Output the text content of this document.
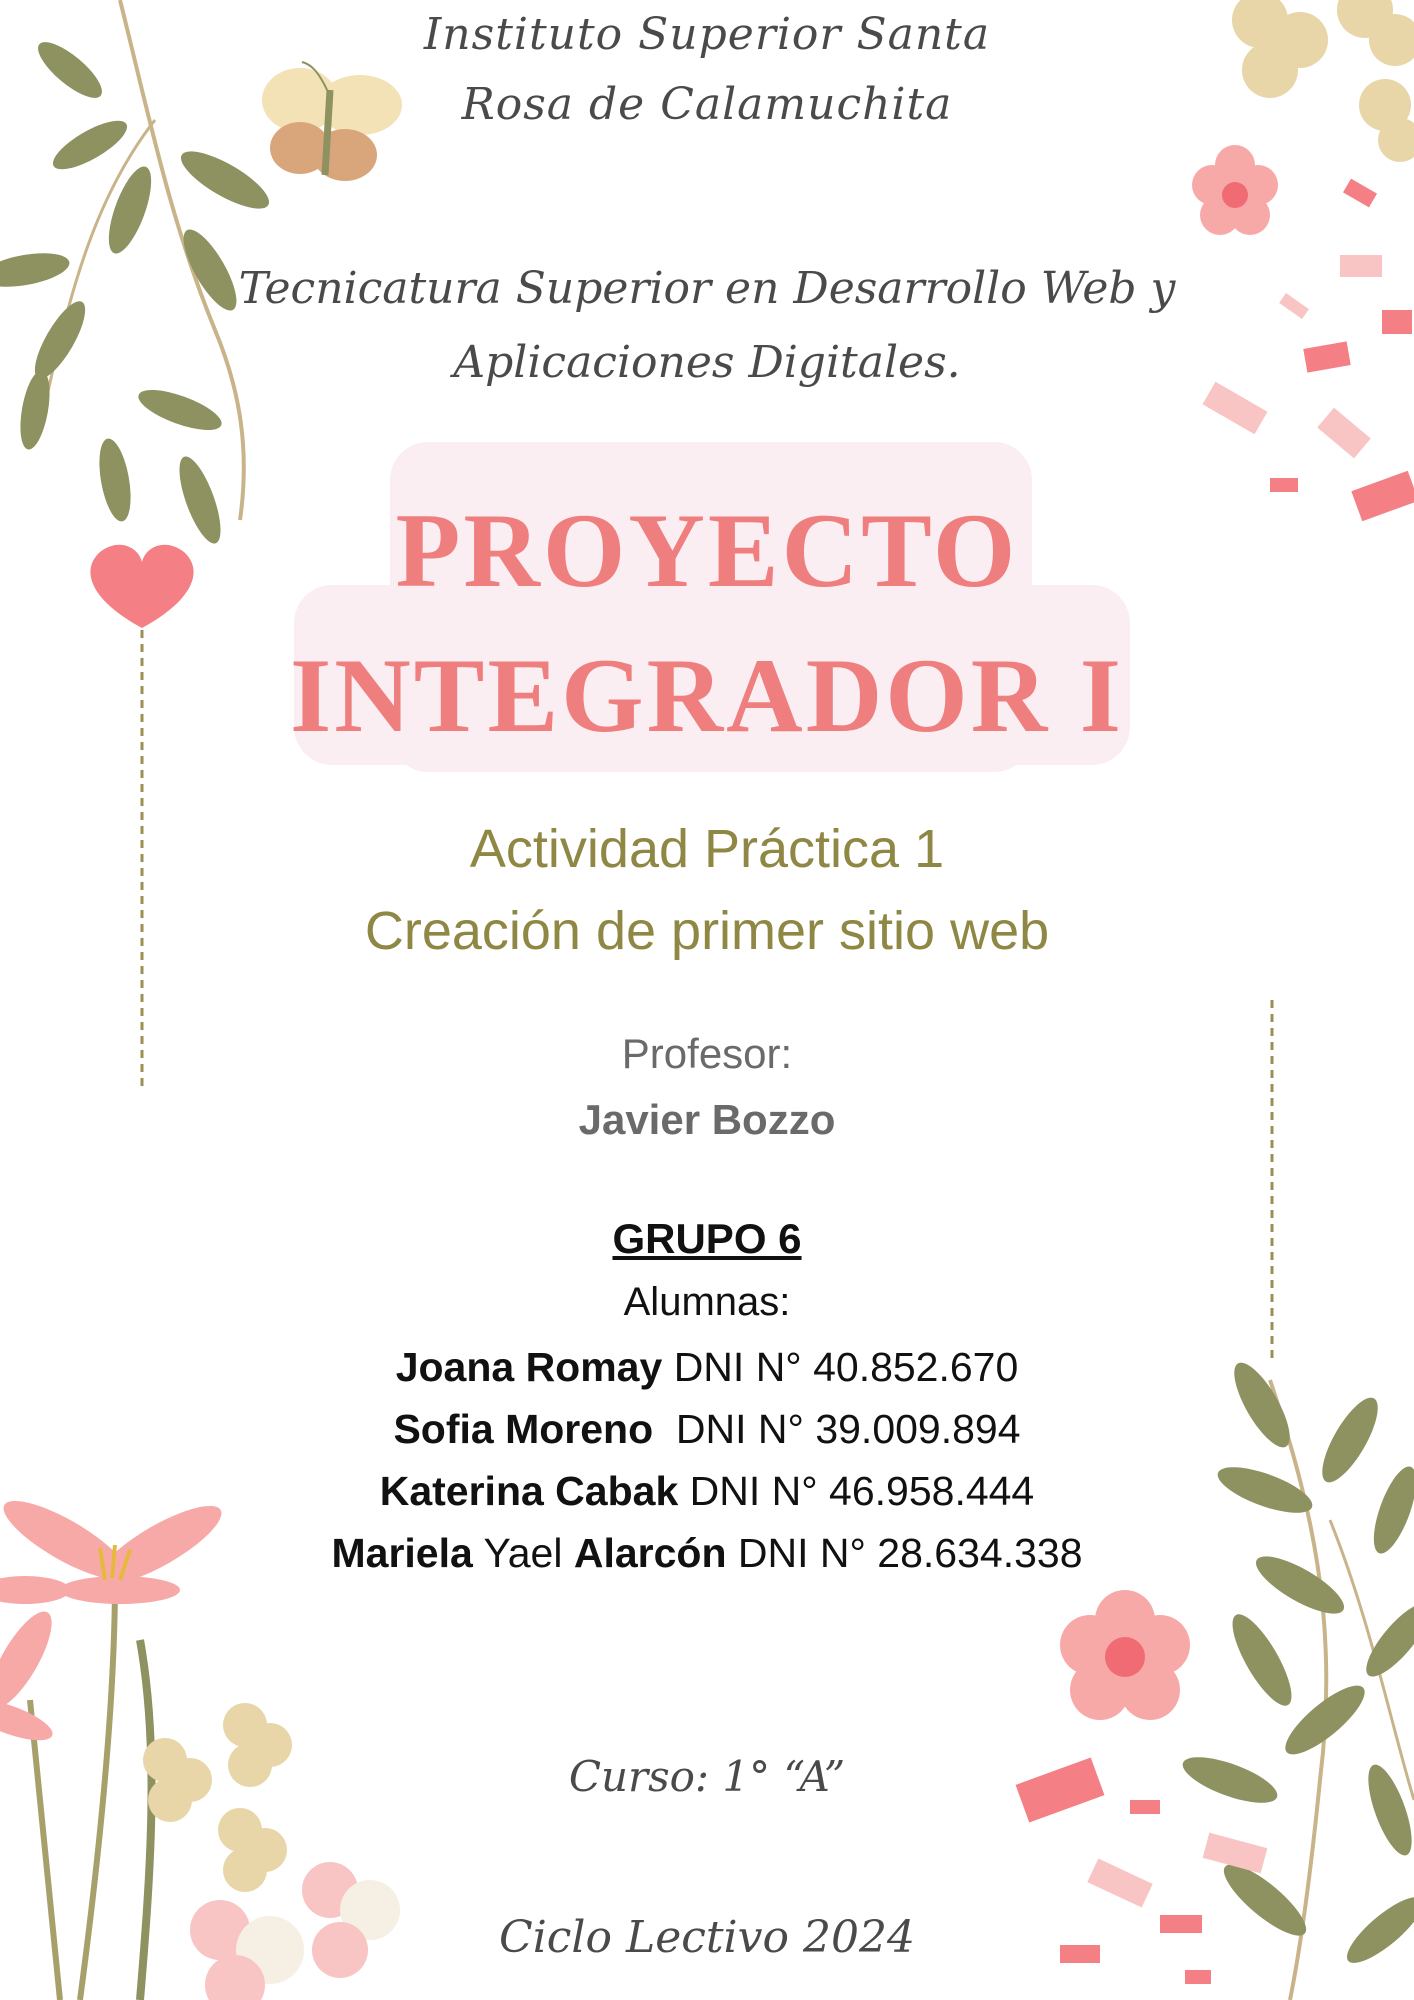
Instituto Superior Santa
Rosa de Calamuchita
Tecnicatura Superior en Desarrollo Web y
Aplicaciones Digitales.
PROYECTO
INTEGRADOR I
Actividad Práctica 1
Creación de primer sitio web
Profesor:
Javier Bozzo
GRUPO 6
Alumnas:
Joana Romay DNI N° 40.852.670
Sofia Moreno  DNI N° 39.009.894
Katerina Cabak DNI N° 46.958.444
Mariela Yael Alarcón DNI N° 28.634.338
Curso: 1° “A”
Ciclo Lectivo 2024
